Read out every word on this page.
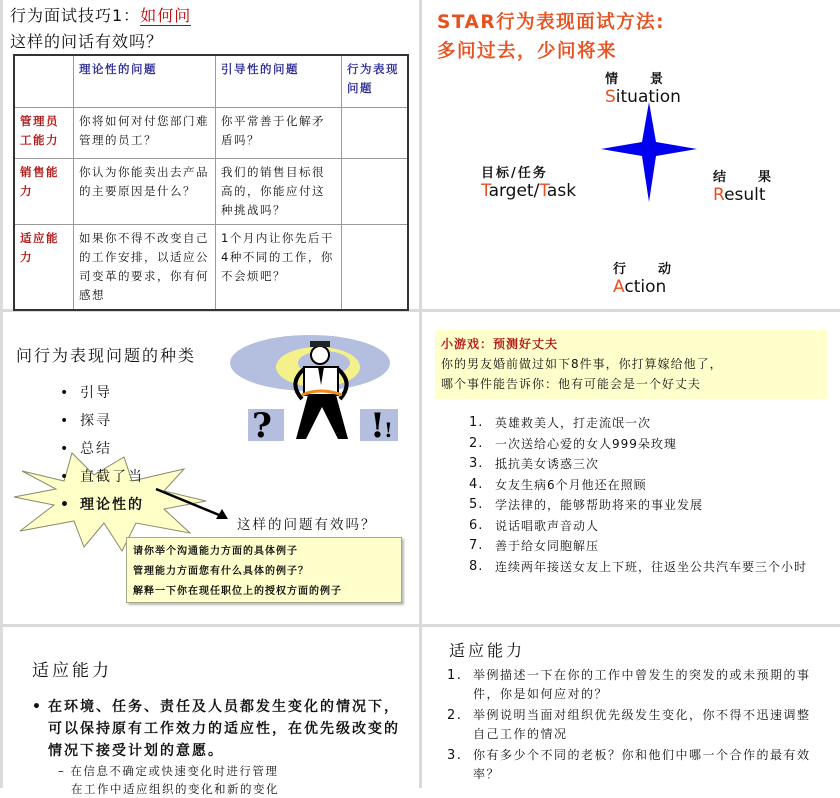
行为面试技巧1：如何问
这样的问话有效吗？
	理论性的问题	引导性的问题	行为表现问题
管理员工能力	你将如何对付您部门难管理的员工？	你平常善于化解矛盾吗？	
销售能力	你认为你能卖出去产品的主要原因是什么？	我们的销售目标很高的，你能应付这种挑战吗？	
适应能力	如果你不得不改变自己的工作安排，以适应公司变革的要求，你有何感想	1个月内让你先后干4种不同的工作，你不会烦吧？	
STAR行为表现面试方法:
多问过去，少问将来
情　　景
Situation
目标/任务
Target/Task
结　　果
Result
行　　动
Action
?	! !
问行为表现问题的种类
• 引导
• 探寻
• 总结
• 直截了当
• 理论性的
这样的问题有效吗？
请你举个沟通能力方面的具体例子
管理能力方面您有什么具体的例子？
解释一下你在现任职位上的授权方面的例子
小游戏：预测好丈夫
你的男友婚前做过如下8件事，你打算嫁给他了，
哪个事件能告诉你：他有可能会是一个好丈夫
1. 英雄救美人，打走流氓一次
2. 一次送给心爱的女人999朵玫瑰
3. 抵抗美女诱惑三次
4. 女友生病6个月他还在照顾
5. 学法律的，能够帮助将来的事业发展
6. 说话唱歌声音动人
7. 善于给女同胞解压
8. 连续两年接送女友上下班，往返坐公共汽车要三个小时
适应能力
• 在环境、任务、责任及人员都发生变化的情况下，可以保持原有工作效力的适应性，在优先级改变的情况下接受计划的意愿。
– 在信息不确定或快速变化时进行管理
　在工作中适应组织的变化和新的变化
适应能力
1. 举例描述一下在你的工作中曾发生的突发的或未预期的事件，你是如何应对的？
2. 举例说明当面对组织优先级发生变化，你不得不迅速调整自己工作的情况
3. 你有多少个不同的老板？你和他们中哪一个合作的最有效率？
